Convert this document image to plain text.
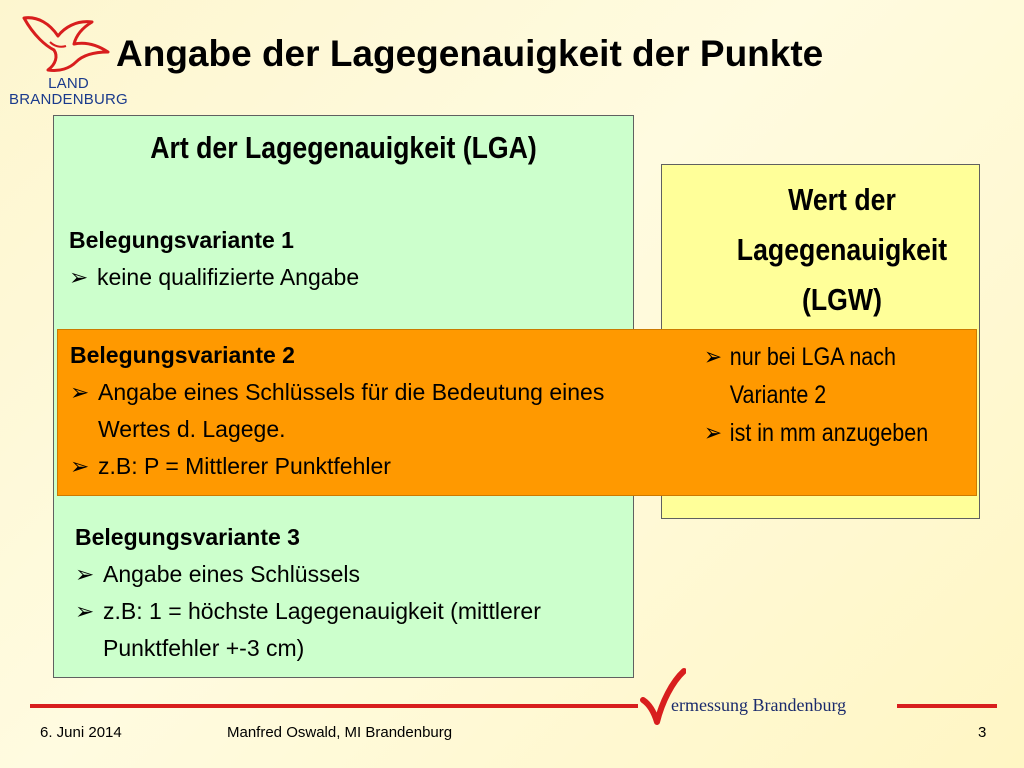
LAND
BRANDENBURG
Angabe der Lagegenauigkeit der Punkte
Art der Lagegenauigkeit (LGA)
Belegungsvariante 1
➢ keine qualifizierte Angabe
Wert der
Lagegenauigkeit
(LGW)
Belegungsvariante 2
➢ Angabe eines Schlüssels für die Bedeutung eines Wertes d. Lagege.
➢ z.B: P = Mittlerer Punktfehler
➢ nur bei LGA nach Variante 2
➢ ist in mm anzugeben
Belegungsvariante 3
➢ Angabe eines Schlüssels
➢ z.B: 1 = höchste Lagegenauigkeit (mittlerer Punktfehler +-3 cm)
ermessung Brandenburg
6. Juni 2014	Manfred Oswald, MI Brandenburg	3
